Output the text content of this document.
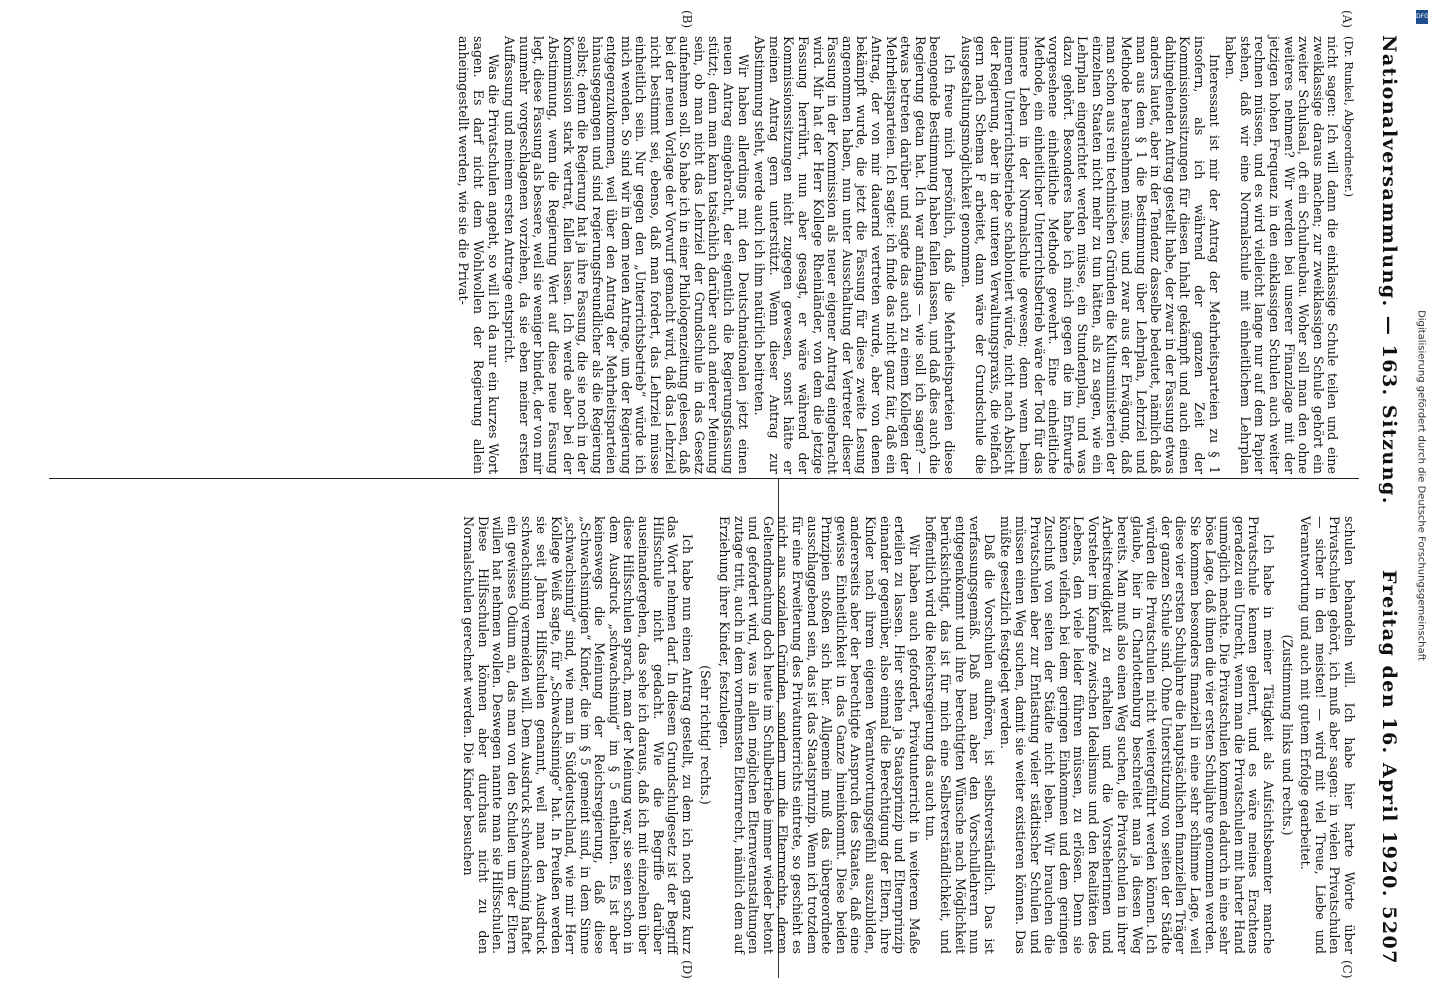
Nationalversammlung. — 163. Sitzung.
Freitag den 16. April 1920. 5207
(A)
(B)
(C)
(D)
(Dr. Runkel, Abgeordneter.)

nicht sagen: Ich will dann die einklassige Schule teilen und eine zweiklassige daraus machen; zur zweiklassigen Schule gehört ein zweiter Schulsaal, oft ein Schulneubau. Woher soll man den ohne weiteres nehmen? Wir werden bei unserer Finanzlage mit der jetzigen hohen Frequenz in den einklassigen Schulen auch weiter rechnen müssen, und es wird vielleicht lange nur auf dem Papier stehen, daß wir eine Normalschule mit einheitlichem Lehrplan haben.

Interessant ist mir der Antrag der Mehrheitsparteien zu § 1 insofern, als ich während der ganzen Zeit der Kommissionssitzungen für diesen Inhalt gekämpft und auch einen dahingehenden Antrag gestellt habe, der zwar in der Fassung etwas anders lautet, aber in der Tendenz dasselbe bedeutet, nämlich daß man aus dem § 1 die Bestimmung über Lehrplan, Lehrziel und Methode herausnehmen müsse, und zwar aus der Erwägung, daß man schon aus rein technischen Gründen die Kultusministerien der einzelnen Staaten nicht mehr zu tun hätten, als zu sagen, wie ein Lehrplan eingerichtet werden müsse, ein Stundenplan, und was dazu gehört. Besonderes habe ich mich gegen die im Entwurfe vorgesehene einheitliche Methode gewehrt. Eine einheitliche Methode, ein einheitlicher Unterrichtsbetrieb wäre der Tod für das innere Leben in der Normalschule gewesen; denn wenn beim inneren Unterrichtsbetriebe schabloniert würde, nicht nach Absicht der Regierung, aber in der unteren Verwaltungspraxis, die vielfach gern nach Schema F arbeitet, dann wäre der Grundschule die Ausgestaltungsmöglichkeit genommen.

Ich freue mich persönlich, daß die Mehrheitsparteien diese beengende Bestimmung haben fallen lassen, und daß dies auch die Regierung getan hat. Ich war anfangs — wie soll ich sagen? — etwas betreten darüber und sagte das auch zu einem Kollegen der Mehrheitsparteien. Ich sagte: ich finde das nicht ganz fair, daß ein Antrag, der von mir dauernd vertreten wurde, aber von denen bekämpft wurde, die jetzt die Fassung für diese zweite Lesung angenommen haben, nun unter Ausschaltung der Vertreter dieser Fassung in der Kommission als neuer eigener Antrag eingebracht wird. Mir hat der Herr Kollege Rheinländer, von dem die jetzige Fassung herrührt, nun aber gesagt, er wäre während der Kommissionssitzungen nicht zugegen gewesen, sonst hätte er meinen Antrag gern unterstützt. Wenn dieser Antrag zur Abstimmung steht, werde auch ich ihm natürlich beitreten.

Wir haben allerdings mit den Deutschnationalen jetzt einen neuen Antrag eingebracht, der eigentlich die Regierungsfassung stützt; denn man kann tatsächlich darüber auch anderer Meinung sein, ob man nicht das Lehrziel der Grundschule in das Gesetz aufnehmen soll. So habe ich in einer Philologenzeitung gelesen, daß bei der neuen Vorlage der Vorwurf gemacht wird, daß das Lehrziel nicht bestimmt sei, ebenso, daß man fordert, das Lehrziel müsse einheitlich sein. Nur gegen den „Unterrichtsbetrieb“ würde ich mich wenden. So sind wir in dem neuen Antrage, um der Regierung entgegenzukommen, weil über den Antrag der Mehrheitsparteien hinausgegangen und sind regierungsfreundlicher als die Regierung selbst; denn die Regierung hat ja ihre Fassung, die sie noch in der Kommission stark vertrat, fallen lassen. Ich werde aber bei der Abstimmung, wenn die Regierung Wert auf diese neue Fassung legt, diese Fassung als bessere, weil sie weniger bindet, der von mir nunmehr vorgeschlagenen vorziehen, da sie eben meiner ersten Auffassung und meinem ersten Antrage entspricht.

Was die Privatschulen angeht, so will ich da nur ein kurzes Wort sagen. Es darf nicht dem Wohlwollen der Regierung allein anheimgestellt werden, wie sie die Privat-

schulen behandeln will. Ich habe hier harte Worte über Privatschulen gehört, ich muß aber sagen: in vielen Privatschulen — sicher in den meisten! — wird mit viel Treue, Liebe und Verantwortung und auch mit gutem Erfolge gearbeitet.

(Zustimmung links und rechts.)

Ich habe in meiner Tätigkeit als Aufsichtsbeamter manche Privatschule kennen gelernt, und es wäre meines Erachtens geradezu ein Unrecht, wenn man die Privatschulen mit harter Hand unmöglich machte. Die Privatschulen kommen dadurch in eine sehr böse Lage, daß ihnen die vier ersten Schuljahre genommen werden. Sie kommen besonders finanziell in eine sehr schlimme Lage, weil diese vier ersten Schuljahre die hauptsächlichen finanziellen Träger der ganzen Schule sind. Ohne Unterstützung von seiten der Städte würden die Privatschulen nicht weitergeführt werden können. Ich glaube, hier in Charlottenburg beschreitet man ja diesen Weg bereits. Man muß also einen Weg suchen, die Privatschulen in ihrer Arbeitsfreudigkeit zu erhalten und die Vorsteherinnen und Vorsteher im Kampfe zwischen Idealismus und den Realitäten des Lebens, den viele leider führen müssen, zu erlösen. Denn sie können vielfach bei dem geringen Einkommen und dem geringen Zuschuß von seiten der Städte nicht leben. Wir brauchen die Privatschulen aber zur Entlastung vieler städtischer Schulen und müssen einen Weg suchen, damit sie weiter existieren können. Das müßte gesetzlich festgelegt werden.

Daß die Vorschulen aufhören, ist selbstverständlich. Das ist verfassungsgemäß. Daß man aber den Vorschullehrern nun entgegenkommt und ihre berechtigten Wünsche nach Möglichkeit berücksichtigt, das ist für mich eine Selbstverständlichkeit, und hoffentlich wird die Reichsregierung das auch tun.

Wir haben auch gefordert, Privatunterricht in weiterem Maße erteilen zu lassen. Hier stehen ja Staatsprinzip und Elternprinzip einander gegenüber, also einmal die Berechtigung der Eltern, ihre Kinder nach ihrem eigenen Verantwortungsgefühl auszubilden, andererseits aber der berechtigte Anspruch des Staates, daß eine gewisse Einheitlichkeit in das Ganze hineinkommt. Diese beiden Prinzipien stoßen sich hier. Allgemein muß das übergeordnete ausschlaggebend sein, das ist das Staatsprinzip. Wenn ich trotzdem für eine Erweiterung des Privatunterrichts eintrete, so geschieht es nicht aus sozialen Gründen, sondern um die Elternrechte, deren Geltendmachung doch heute im Schulbetriebe immer wieder betont und gefordert wird, was in allen möglichen Elternveranstaltungen zutage tritt, auch in dem vornehmsten Elternrecht, nämlich dem auf Erziehung ihrer Kinder, festzulegen.

(Sehr richtig! rechts.)

Ich habe nun einen Antrag gestellt, zu dem ich noch ganz kurz das Wort nehmen darf. In diesem Grundschulgesetz ist der Begriff Hilfsschule nicht gedacht. Wie die Begriffe darüber auseinandergehen, das sehe ich daraus, daß ich mit einzelnen über diese Hilfsschulen sprach, man der Meinung war, sie seien schon in dem Ausdruck „schwachsinnig“ im § 5 enthalten. Es ist aber keineswegs die Meinung der Reichsregierung, daß diese „Schwachsinnigen“ Kinder, die im § 5 gemeint sind, in dem Sinne „schwachsinnig“ sind, wie man in Süddeutschland, wie mir Herr Kollege Weiß sagte, für „Schwachsinnige“ hat. In Preußen werden sie seit Jahren Hilfsschulen genannt, weil man den Ausdruck schwachsinnig vermeiden will. Dem Ausdruck schwachsinnig haftet ein gewisses Odium an, das man von den Schulen um der Eltern willen hat nehmen wollen. Deswegen nannte man sie Hilfsschulen. Diese Hilfsschulen können aber durchaus nicht zu den Normalschulen gerechnet werden. Die Kinder besuchen

DFG
Digitalisierung gefördert durch die Deutsche Forschungsgemeinschaft
